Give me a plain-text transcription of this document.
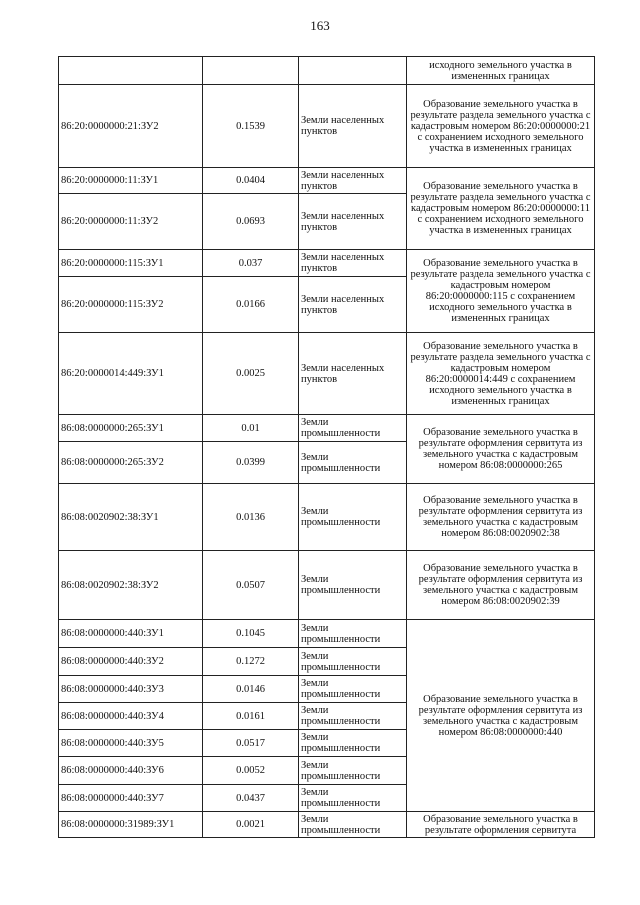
163
			исходного земельного участка в измененных границах
86:20:0000000:21:ЗУ2	0.1539	Земли населенных пунктов	Образование земельного участка в результате раздела земельного участка с кадастровым номером 86:20:0000000:21 с сохранением исходного земельного участка в измененных границах
86:20:0000000:11:ЗУ1	0.0404	Земли населенных пунктов	Образование земельного участка в результате раздела земельного участка с кадастровым номером 86:20:0000000:11 с сохранением исходного земельного участка в измененных границах
86:20:0000000:11:ЗУ2	0.0693	Земли населенных пунктов	
86:20:0000000:115:ЗУ1	0.037	Земли населенных пунктов	Образование земельного участка в результате раздела земельного участка с кадастровым номером 86:20:0000000:115 с сохранением исходного земельного участка в измененных границах
86:20:0000000:115:ЗУ2	0.0166	Земли населенных пунктов	
86:20:0000014:449:ЗУ1	0.0025	Земли населенных пунктов	Образование земельного участка в результате раздела земельного участка с кадастровым номером 86:20:0000014:449 с сохранением исходного земельного участка в измененных границах
86:08:0000000:265:ЗУ1	0.01	Земли промышленности	Образование земельного участка в результате оформления сервитута из земельного участка с кадастровым номером 86:08:0000000:265
86:08:0000000:265:ЗУ2	0.0399	Земли промышленности	
86:08:0020902:38:ЗУ1	0.0136	Земли промышленности	Образование земельного участка в результате оформления сервитута из земельного участка с кадастровым номером 86:08:0020902:38
86:08:0020902:38:ЗУ2	0.0507	Земли промышленности	Образование земельного участка в результате оформления сервитута из земельного участка с кадастровым номером 86:08:0020902:39
86:08:0000000:440:ЗУ1	0.1045	Земли промышленности	Образование земельного участка в результате оформления сервитута из земельного участка с кадастровым номером 86:08:0000000:440
86:08:0000000:440:ЗУ2	0.1272	Земли промышленности	
86:08:0000000:440:ЗУ3	0.0146	Земли промышленности	
86:08:0000000:440:ЗУ4	0.0161	Земли промышленности	
86:08:0000000:440:ЗУ5	0.0517	Земли промышленности	
86:08:0000000:440:ЗУ6	0.0052	Земли промышленности	
86:08:0000000:440:ЗУ7	0.0437	Земли промышленности	
86:08:0000000:31989:ЗУ1	0.0021	Земли промышленности	Образование земельного участка в результате оформления сервитута
